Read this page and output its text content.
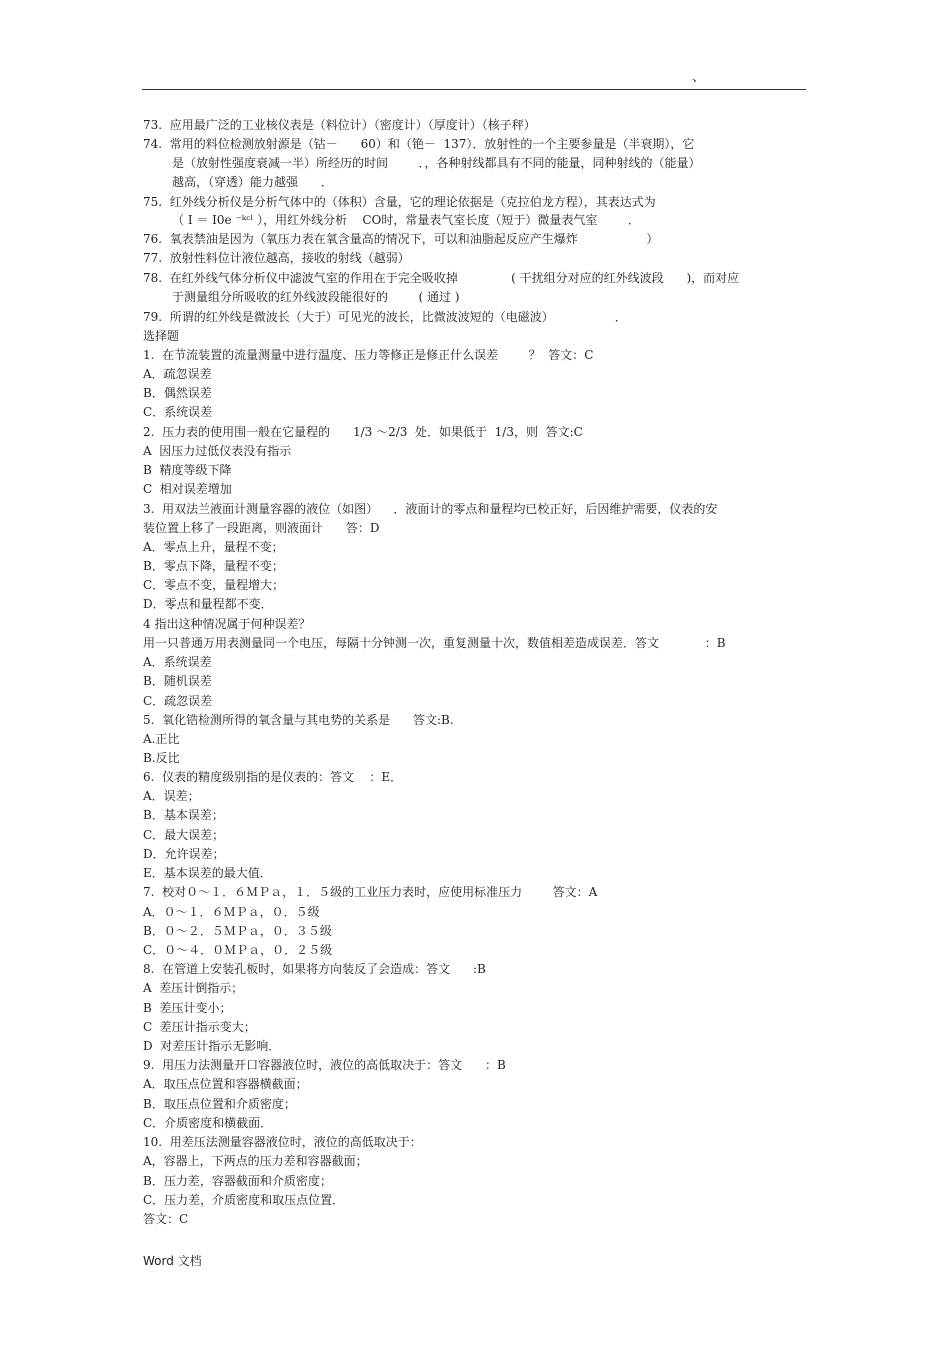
、
73.  应用最广泛的工业核仪表是（料位计）（密度计）（厚度计）（核子秤）
74.  常用的料位检测放射源是（钴－      60）和（铯－  137）．放射性的一个主要参量是（半衰期），它
是（放射性强度衰减一半）所经历的时间        ．，各种射线都具有不同的能量，同种射线的（能量）
越高，（穿透）能力越强      ．
75.  红外线分析仪是分析气体中的（体积）含量，它的理论依据是（克拉伯龙方程），其表达式为
（ I ＝ I0e ⁻ᵏᶜˡ ），用红外线分析    CO时，常量表气室长度（短于）微量表气室        ．
76.  氧表禁油是因为（氧压力表在氧含量高的情况下，可以和油脂起反应产生爆炸                  ）
77.  放射性料位计液位越高，接收的射线（越弱）
78.  在红外线气体分析仪中滤波气室的作用在于完全吸收掉              ( 干扰组分对应的红外线波段      )，而对应
于测量组分所吸收的红外线波段能很好的        ( 通过 )
79.  所谓的红外线是微波长（大于）可见光的波长，比微波波短的（电磁波）                ．
选择题
1.  在节流装置的流量测量中进行温度、压力等修正是修正什么误差        ？  答文：C
A．疏忽误差
B．偶然误差
C．系统误差
2.  压力表的使用围一般在它量程的      1/3 ～2/3  处．如果低于  1/3，则  答文:C
A  因压力过低仪表没有指示
B  精度等级下降
C  相对误差增加
3.  用双法兰液面计测量容器的液位（如图）    ．液面计的零点和量程均已校正好，后因维护需要，仪表的安
装位置上移了一段距离，则液面计      答：D
A．零点上升，量程不变；
B．零点下降，量程不变；
C．零点不变，量程增大；
D．零点和量程都不变．
4 指出这种情况属于何种误差？
用一只普通万用表测量同一个电压，每隔十分钟测一次，重复测量十次，数值相差造成误差．答文            ：B
A．系统误差
B．随机误差
C．疏忽误差
5.  氧化锆检测所得的氧含量与其电势的关系是      答文:B.
A.正比
B.反比
6.  仪表的精度级别指的是仪表的：答文    ：E．
A．误差；
B．基本误差；
C．最大误差；
D．允许误差；
E．基本误差的最大值．
7.  校对０～１．６ＭＰａ，１．５级的工业压力表时，应使用标准压力        答文：A
A．０～１．６ＭＰａ，０．５级
B．０～２．５ＭＰａ，０．３５级
C．０～４．０ＭＰａ，０．２５级
8.  在管道上安装孔板时，如果将方向装反了会造成：答文      :B
A  差压计倒指示；
B  差压计变小；
C  差压计指示变大；
D  对差压计指示无影响．
9.  用压力法测量开口容器液位时，液位的高低取决于：答文      ：B
A．取压点位置和容器横截面；
B．取压点位置和介质密度；
C．介质密度和横截面．
10.  用差压法测量容器液位时，液位的高低取决于：
A，容器上，下两点的压力差和容器截面；
B．压力差，容器截面和介质密度；
C．压力差，介质密度和取压点位置．
答文：C
Word 文档
